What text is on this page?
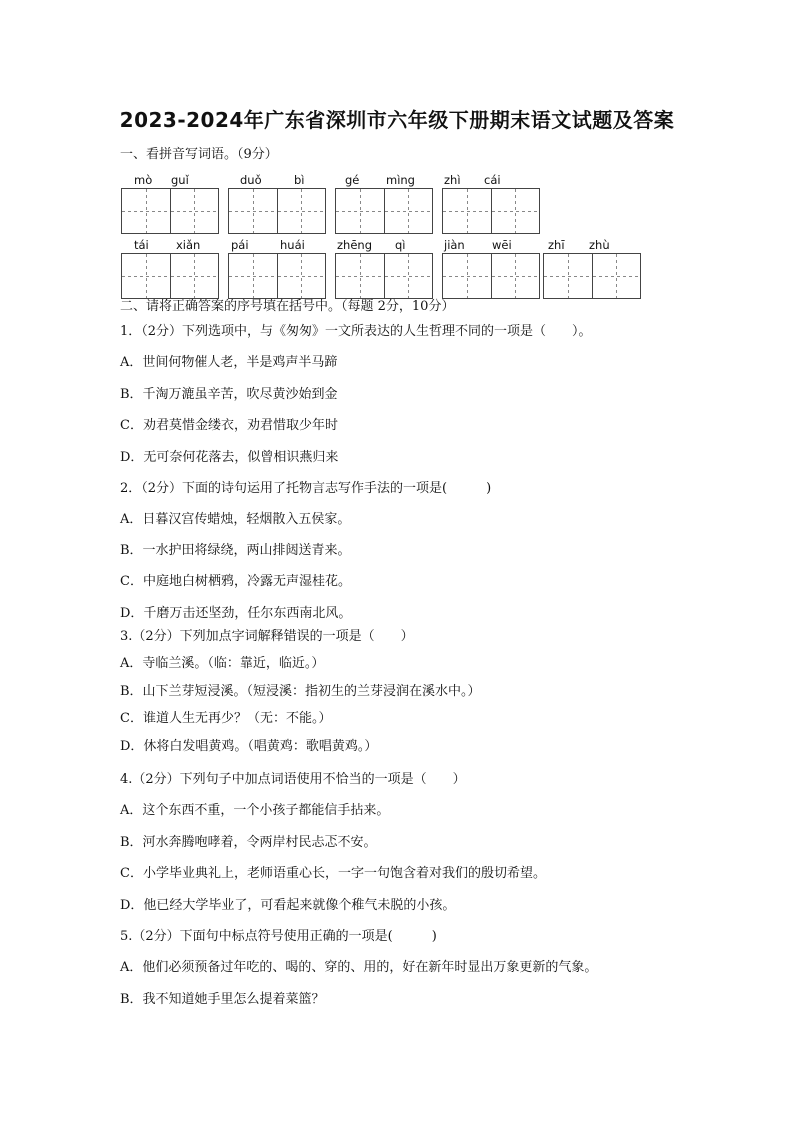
2023-2024年广东省深圳市六年级下册期末语文试题及答案
一、看拼音写词语。（9分）
mò guǐ	duǒ	bì	gé mìng	zhì cái
tái xiǎn	pái	huái	zhēng qì	jiàn wēi	zhī zhù
二、请将正确答案的序号填在括号中。（每题 2分，10分）
1．（2分）下列选项中，与《匆匆》一文所表达的人生哲理不同的一项是（　　）。
A．世间何物催人老，半是鸡声半马蹄
B．千淘万漉虽辛苦，吹尽黄沙始到金
C．劝君莫惜金缕衣，劝君惜取少年时
D．无可奈何花落去，似曾相识燕归来
2．（2分）下面的诗句运用了托物言志写作手法的一项是(　　　)
A．日暮汉宫传蜡烛，轻烟散入五侯家。
B．一水护田将绿绕，两山排闼送青来。
C．中庭地白树栖鸦，冷露无声湿桂花。
D．千磨万击还坚劲，任尔东西南北风。
3.（2分）下列加点字词解释错误的一项是（　　）
A．寺临兰溪。（临：靠近，临近。）
B．山下兰芽短浸溪。（短浸溪：指初生的兰芽浸润在溪水中。）
C．谁道人生无再少？（无：不能。）
D．休将白发唱黄鸡。（唱黄鸡：歌唱黄鸡。）
4.（2分）下列句子中加点词语使用不恰当的一项是（　　）
A．这个东西不重，一个小孩子都能信手拈来。
B．河水奔腾咆哮着，令两岸村民忐忑不安。
C．小学毕业典礼上，老师语重心长，一字一句饱含着对我们的殷切希望。
D．他已经大学毕业了，可看起来就像个稚气未脱的小孩。
5.（2分）下面句中标点符号使用正确的一项是(　　　)
A．他们必须预备过年吃的、喝的、穿的、用的，好在新年时显出万象更新的气象。
B．我不知道她手里怎么提着菜篮？
